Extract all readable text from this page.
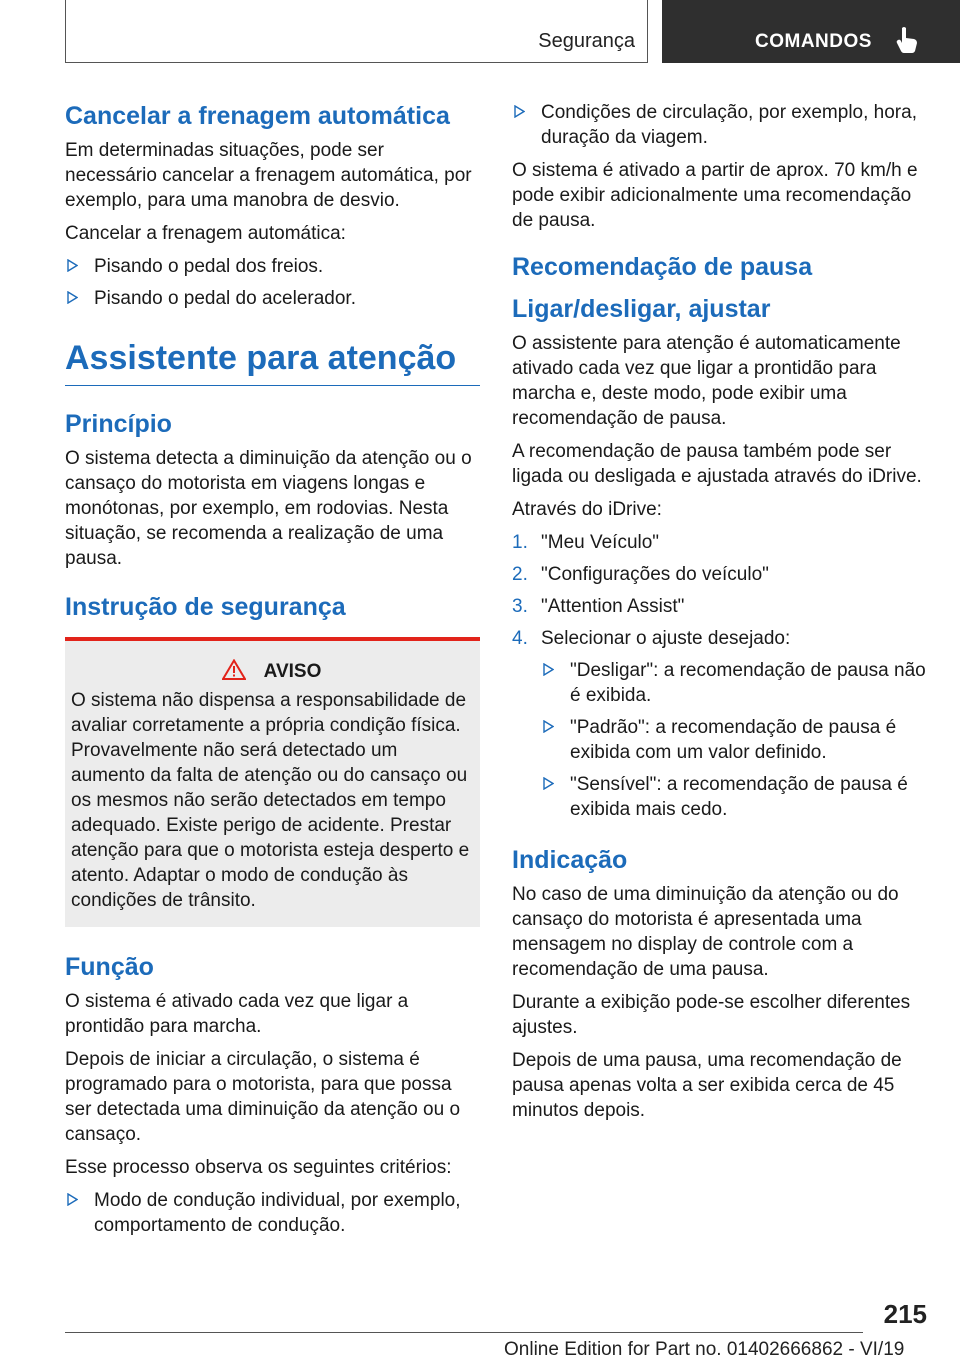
Segurança	COMANDOS
Cancelar a frenagem automática

Em determinadas situações, pode ser necessário cancelar a frenagem automática, por exemplo, para uma manobra de desvio.

Cancelar a frenagem automática:

Pisando o pedal dos freios.
Pisando o pedal do acelerador.
Assistente para atenção
Princípio

O sistema detecta a diminuição da atenção ou o cansaço do motorista em viagens longas e monótonas, por exemplo, em rodovias. Nesta situação, se recomenda a realização de uma pausa.

Instrução de segurança
AVISO

O sistema não dispensa a responsabilidade de avaliar corretamente a própria condição física. Provavelmente não será detectado um aumento da falta de atenção ou do cansaço ou os mesmos não serão detectados em tempo adequado. Existe perigo de acidente. Prestar atenção para que o motorista esteja desperto e atento. Adaptar o modo de condução às condições de trânsito.

Função

O sistema é ativado cada vez que ligar a prontidão para marcha.

Depois de iniciar a circulação, o sistema é programado para o motorista, para que possa ser detectada uma diminuição da atenção ou o cansaço.

Esse processo observa os seguintes critérios:

Modo de condução individual, por exemplo, comportamento de condução.
Condições de circulação, por exemplo, hora, duração da viagem.

O sistema é ativado a partir de aprox. 70 km/h e pode exibir adicionalmente uma recomendação de pausa.

Recomendação de pausa
Ligar/desligar, ajustar

O assistente para atenção é automaticamente ativado cada vez que ligar a prontidão para marcha e, deste modo, pode exibir uma recomendação de pausa.

A recomendação de pausa também pode ser ligada ou desligada e ajustada através do iDrive.

Através do iDrive:

1. "Meu Veículo"
2. "Configurações do veículo"
3. "Attention Assist"
4. Selecionar o ajuste desejado:
"Desligar": a recomendação de pausa não é exibida.
"Padrão": a recomendação de pausa é exibida com um valor definido.
"Sensível": a recomendação de pausa é exibida mais cedo.
Indicação

No caso de uma diminuição da atenção ou do cansaço do motorista é apresentada uma mensagem no display de controle com a recomendação de uma pausa.

Durante a exibição pode-se escolher diferentes ajustes.

Depois de uma pausa, uma recomendação de pausa apenas volta a ser exibida cerca de 45 minutos depois.

215
Online Edition for Part no. 01402666862 - VI/19
